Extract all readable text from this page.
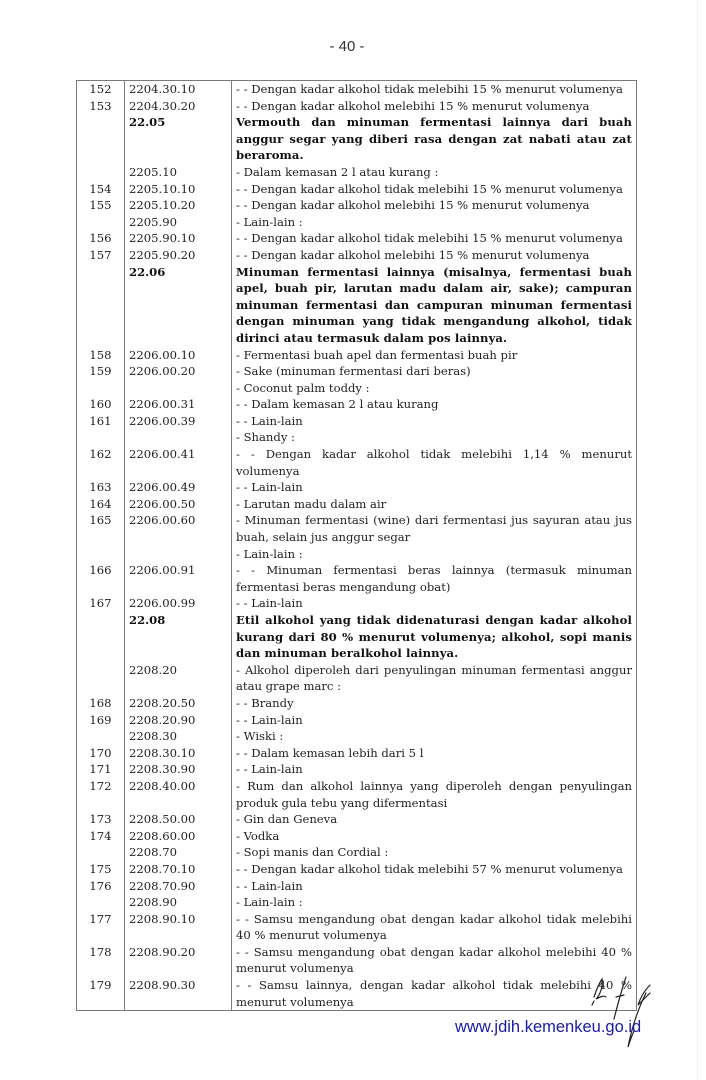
- 40 -
152	2204.30.10	- - Dengan kadar alkohol tidak melebihi 15 % menurut volumenya
153	2204.30.20	- - Dengan kadar alkohol melebihi 15 % menurut volumenya
	22.05	Vermouth dan minuman fermentasi lainnya dari buah anggur segar yang diberi rasa dengan zat nabati atau zat beraroma.
	2205.10	- Dalam kemasan 2 l atau kurang :
154	2205.10.10	- - Dengan kadar alkohol tidak melebihi 15 % menurut volumenya
155	2205.10.20	- - Dengan kadar alkohol melebihi 15 % menurut volumenya
	2205.90	- Lain-lain :
156	2205.90.10	- - Dengan kadar alkohol tidak melebihi 15 % menurut volumenya
157	2205.90.20	- - Dengan kadar alkohol melebihi 15 % menurut volumenya
	22.06	Minuman fermentasi lainnya (misalnya, fermentasi buah apel, buah pir, larutan madu dalam air, sake); campuran minuman fermentasi dan campuran minuman fermentasi dengan minuman yang tidak mengandung alkohol, tidak dirinci atau termasuk dalam pos lainnya.
158	2206.00.10	- Fermentasi buah apel dan fermentasi buah pir
159	2206.00.20	- Sake (minuman fermentasi dari beras)
		- Coconut palm toddy :
160	2206.00.31	- - Dalam kemasan 2 l atau kurang
161	2206.00.39	- - Lain-lain
		- Shandy :
162	2206.00.41	- - Dengan kadar alkohol tidak melebihi 1,14 % menurut volumenya
163	2206.00.49	- - Lain-lain
164	2206.00.50	- Larutan madu dalam air
165	2206.00.60	- Minuman fermentasi (wine) dari fermentasi jus sayuran atau jus buah, selain jus anggur segar
		- Lain-lain :
166	2206.00.91	- - Minuman fermentasi beras lainnya (termasuk minuman fermentasi beras mengandung obat)
167	2206.00.99	- - Lain-lain
	22.08	Etil alkohol yang tidak didenaturasi dengan kadar alkohol kurang dari 80 % menurut volumenya; alkohol, sopi manis dan minuman beralkohol lainnya.
	2208.20	- Alkohol diperoleh dari penyulingan minuman fermentasi anggur atau grape marc :
168	2208.20.50	- - Brandy
169	2208.20.90	- - Lain-lain
	2208.30	- Wiski :
170	2208.30.10	- - Dalam kemasan lebih dari 5 l
171	2208.30.90	- - Lain-lain
172	2208.40.00	- Rum dan alkohol lainnya yang diperoleh dengan penyulingan produk gula tebu yang difermentasi
173	2208.50.00	- Gin dan Geneva
174	2208.60.00	- Vodka
	2208.70	- Sopi manis dan Cordial :
175	2208.70.10	- - Dengan kadar alkohol tidak melebihi 57 % menurut volumenya
176	2208.70.90	- - Lain-lain
	2208.90	- Lain-lain :
177	2208.90.10	- - Samsu mengandung obat dengan kadar alkohol tidak melebihi 40 % menurut volumenya
178	2208.90.20	- - Samsu mengandung obat dengan kadar alkohol melebihi 40 % menurut volumenya
179	2208.90.30	- - Samsu lainnya, dengan kadar alkohol tidak melebihi 40 % menurut volumenya
www.jdih.kemenkeu.go.id
